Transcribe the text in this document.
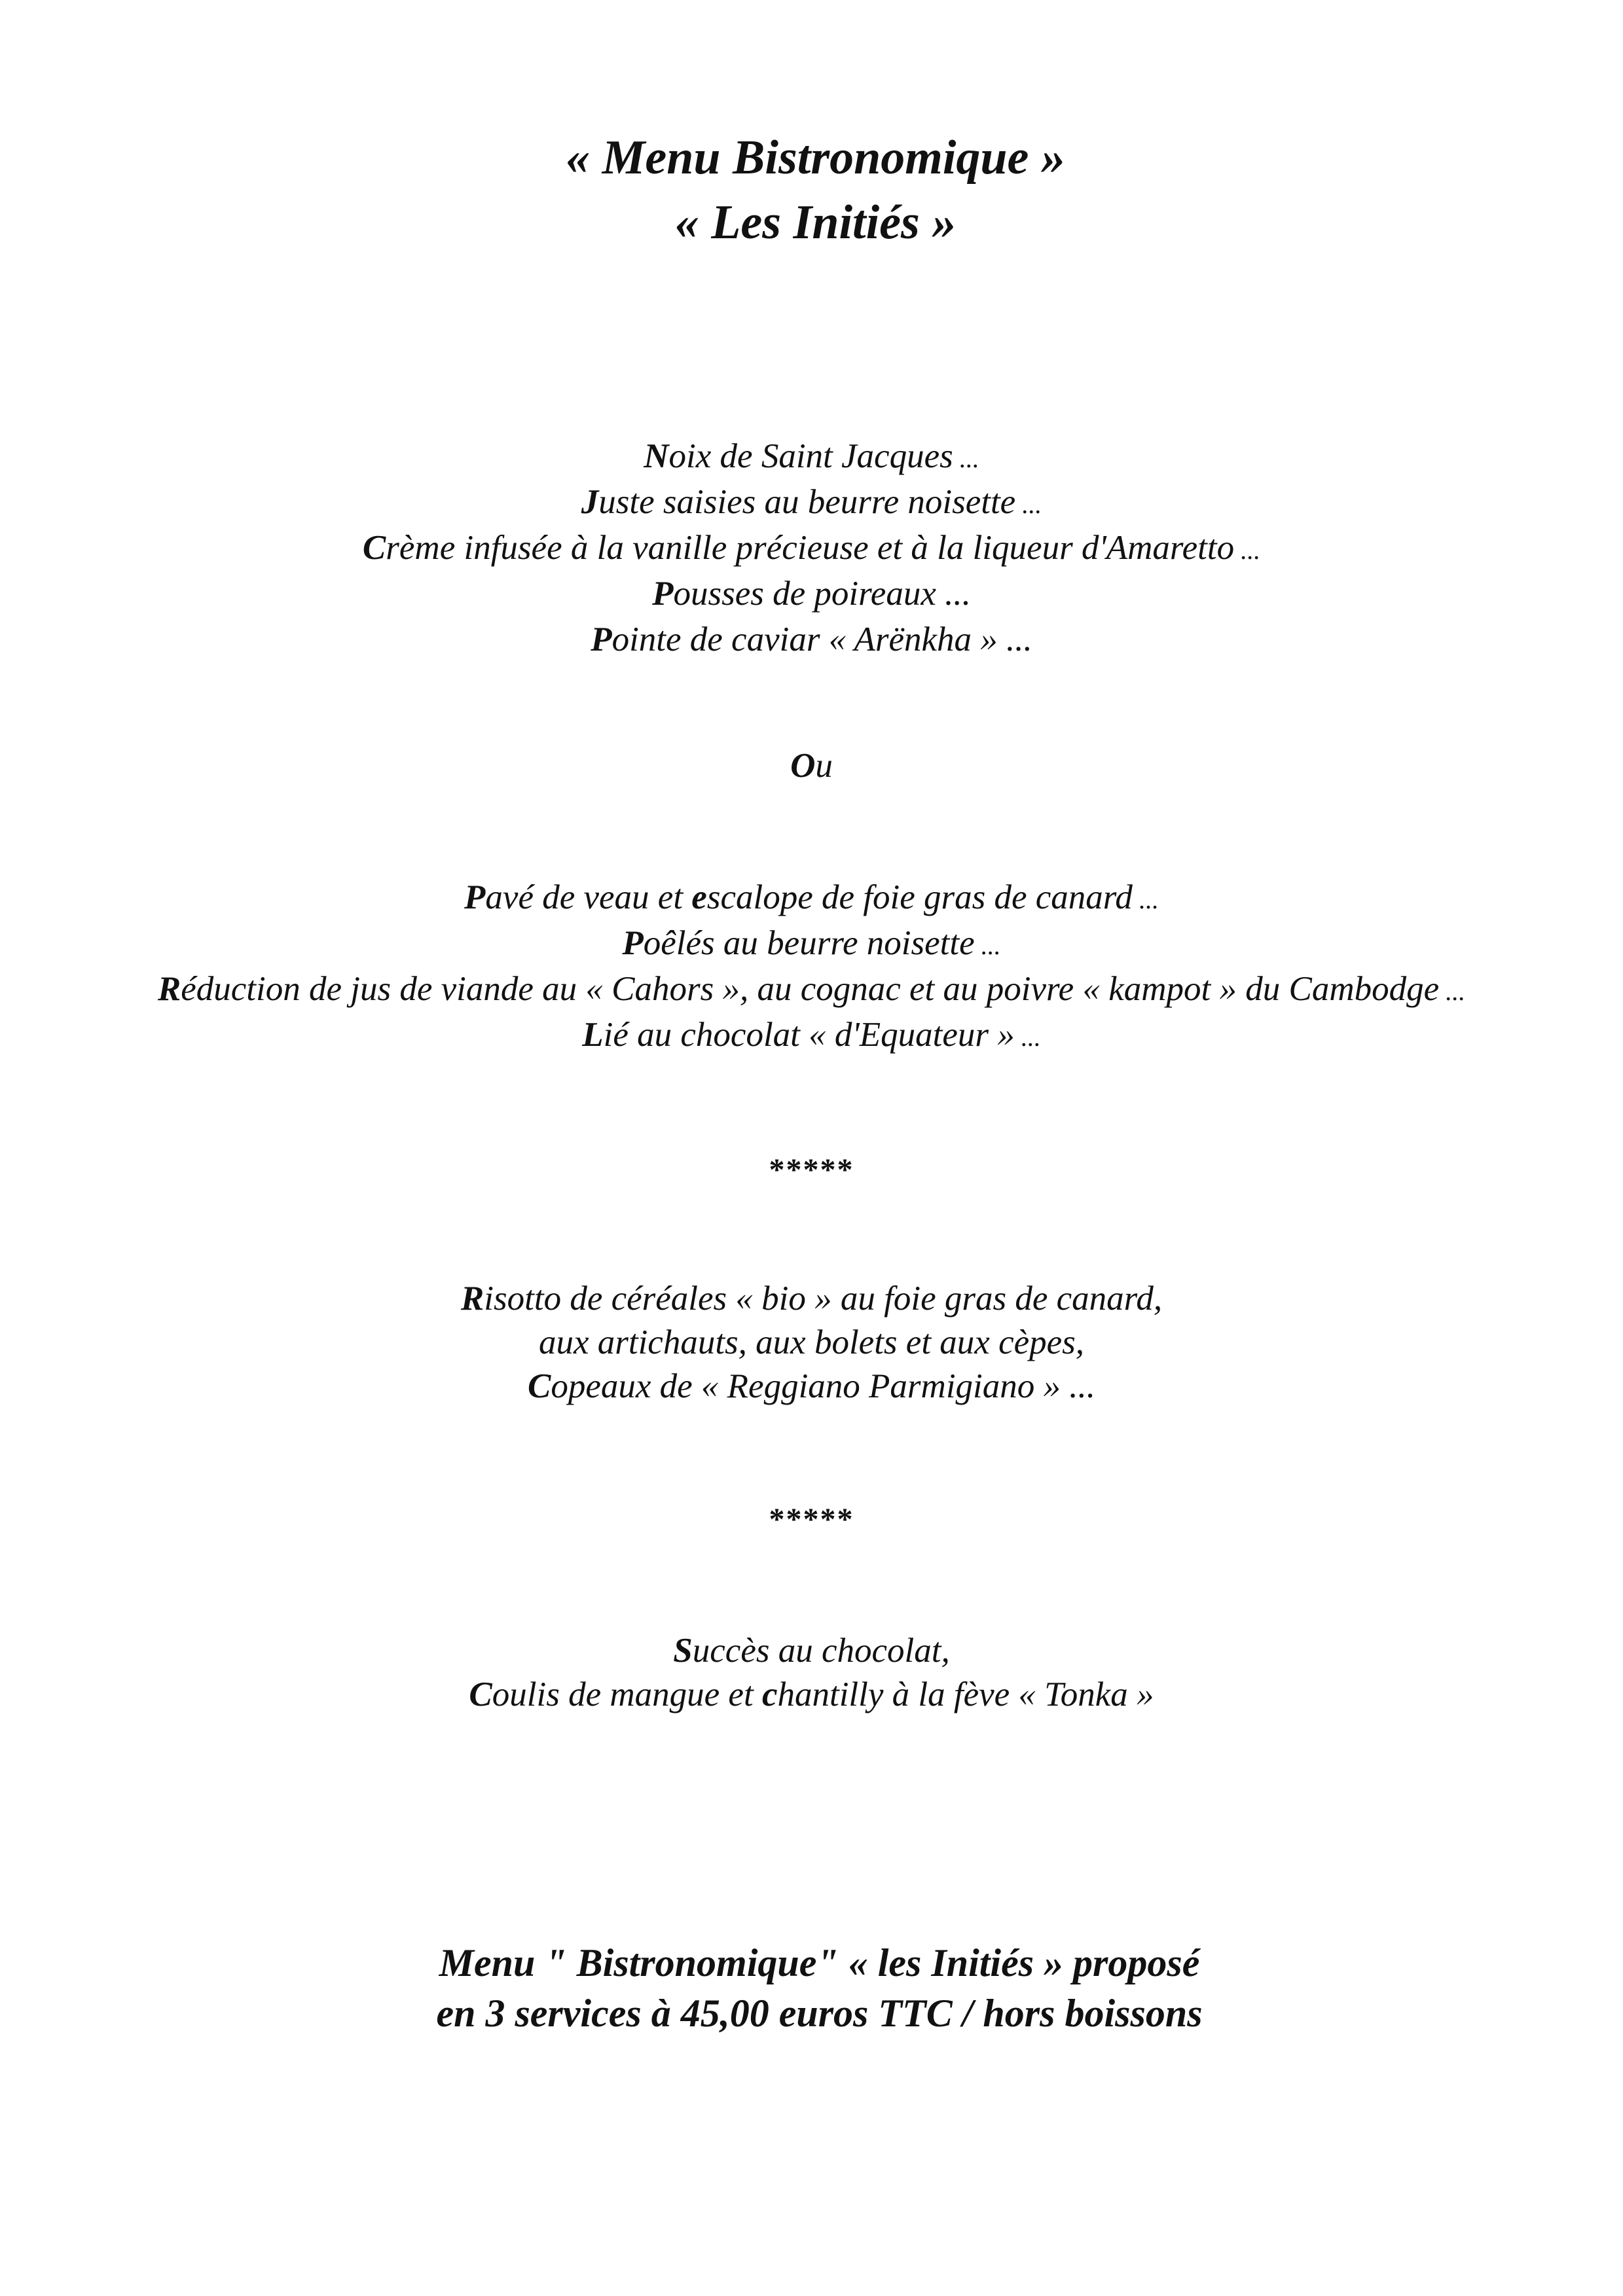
« Menu Bistronomique »
« Les Initiés »
Noix de Saint Jacques ...
Juste saisies au beurre noisette ...
Crème infusée à la vanille précieuse et à la liqueur d'Amaretto ...
Pousses de poireaux ...
Pointe de caviar « Arënkha » ...
Ou
Pavé de veau et escalope de foie gras de canard ...
Poêlés au beurre noisette ...
Réduction de jus de viande au « Cahors », au cognac et au poivre « kampot » du Cambodge ...
Lié au chocolat « d'Equateur » ...
*****
Risotto de céréales « bio » au foie gras de canard,
aux artichauts, aux bolets et aux cèpes,
Copeaux de « Reggiano Parmigiano » ...
*****
Succès au chocolat,
Coulis de mangue et chantilly à la fève « Tonka »
Menu " Bistronomique" « les Initiés » proposé
en 3 services à 45,00 euros TTC / hors boissons
